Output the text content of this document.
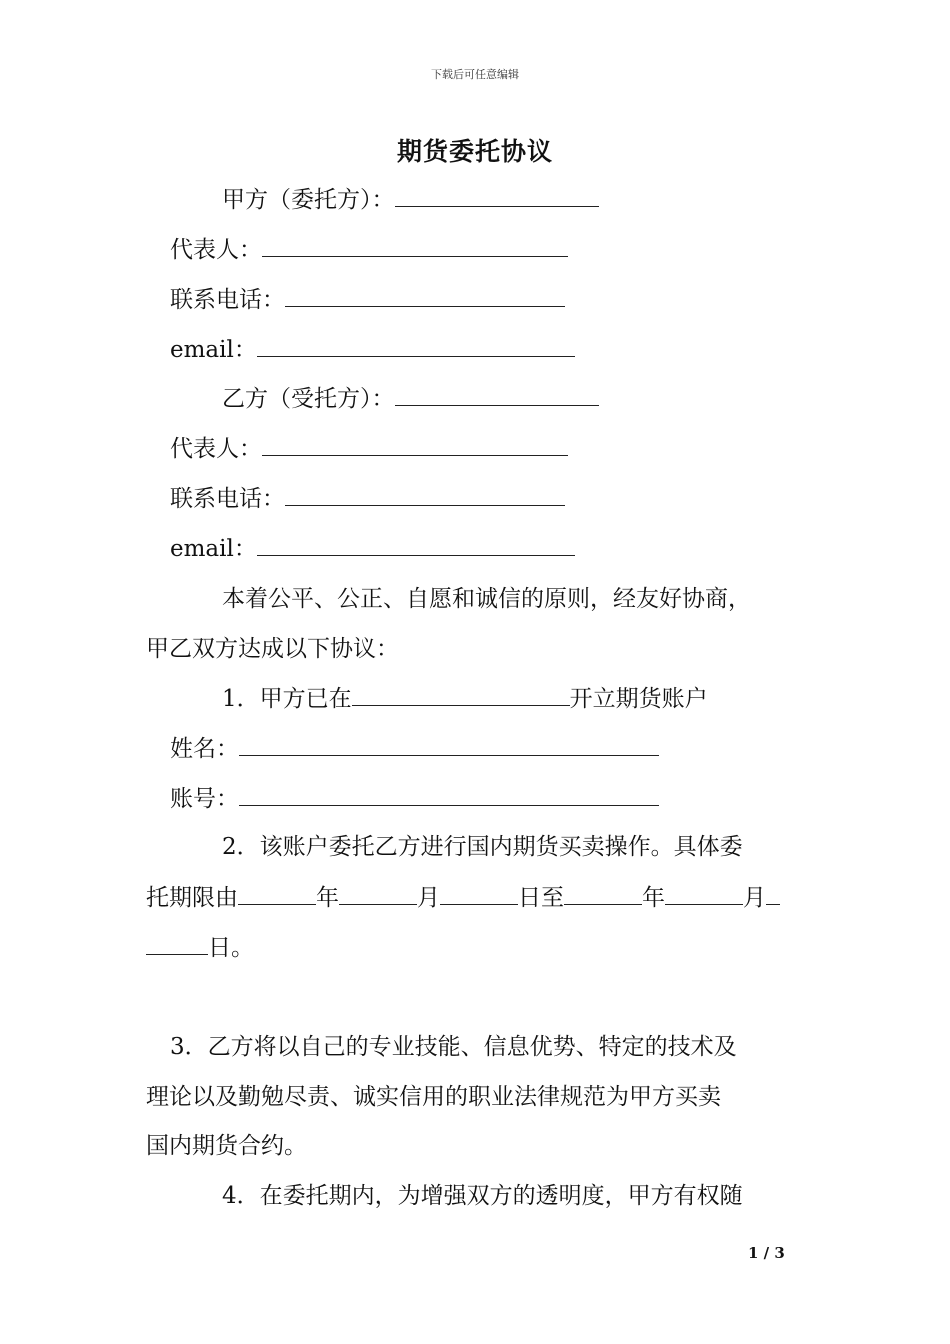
下载后可任意编辑
期货委托协议
甲方（委托方）：
代表人：
联系电话：
email：
乙方（受托方）：
代表人：
联系电话：
email：
本着公平、公正、自愿和诚信的原则，经友好协商，
甲乙双方达成以下协议：
1．甲方已在	开立期货账户
姓名：
账号：
2．该账户委托乙方进行国内期货买卖操作。具体委
托期限由	年	月	日至	年	月
日。
3．乙方将以自己的专业技能、信息优势、特定的技术及
理论以及勤勉尽责、诚实信用的职业法律规范为甲方买卖
国内期货合约。
4．在委托期内，为增强双方的透明度，甲方有权随
1 / 3
